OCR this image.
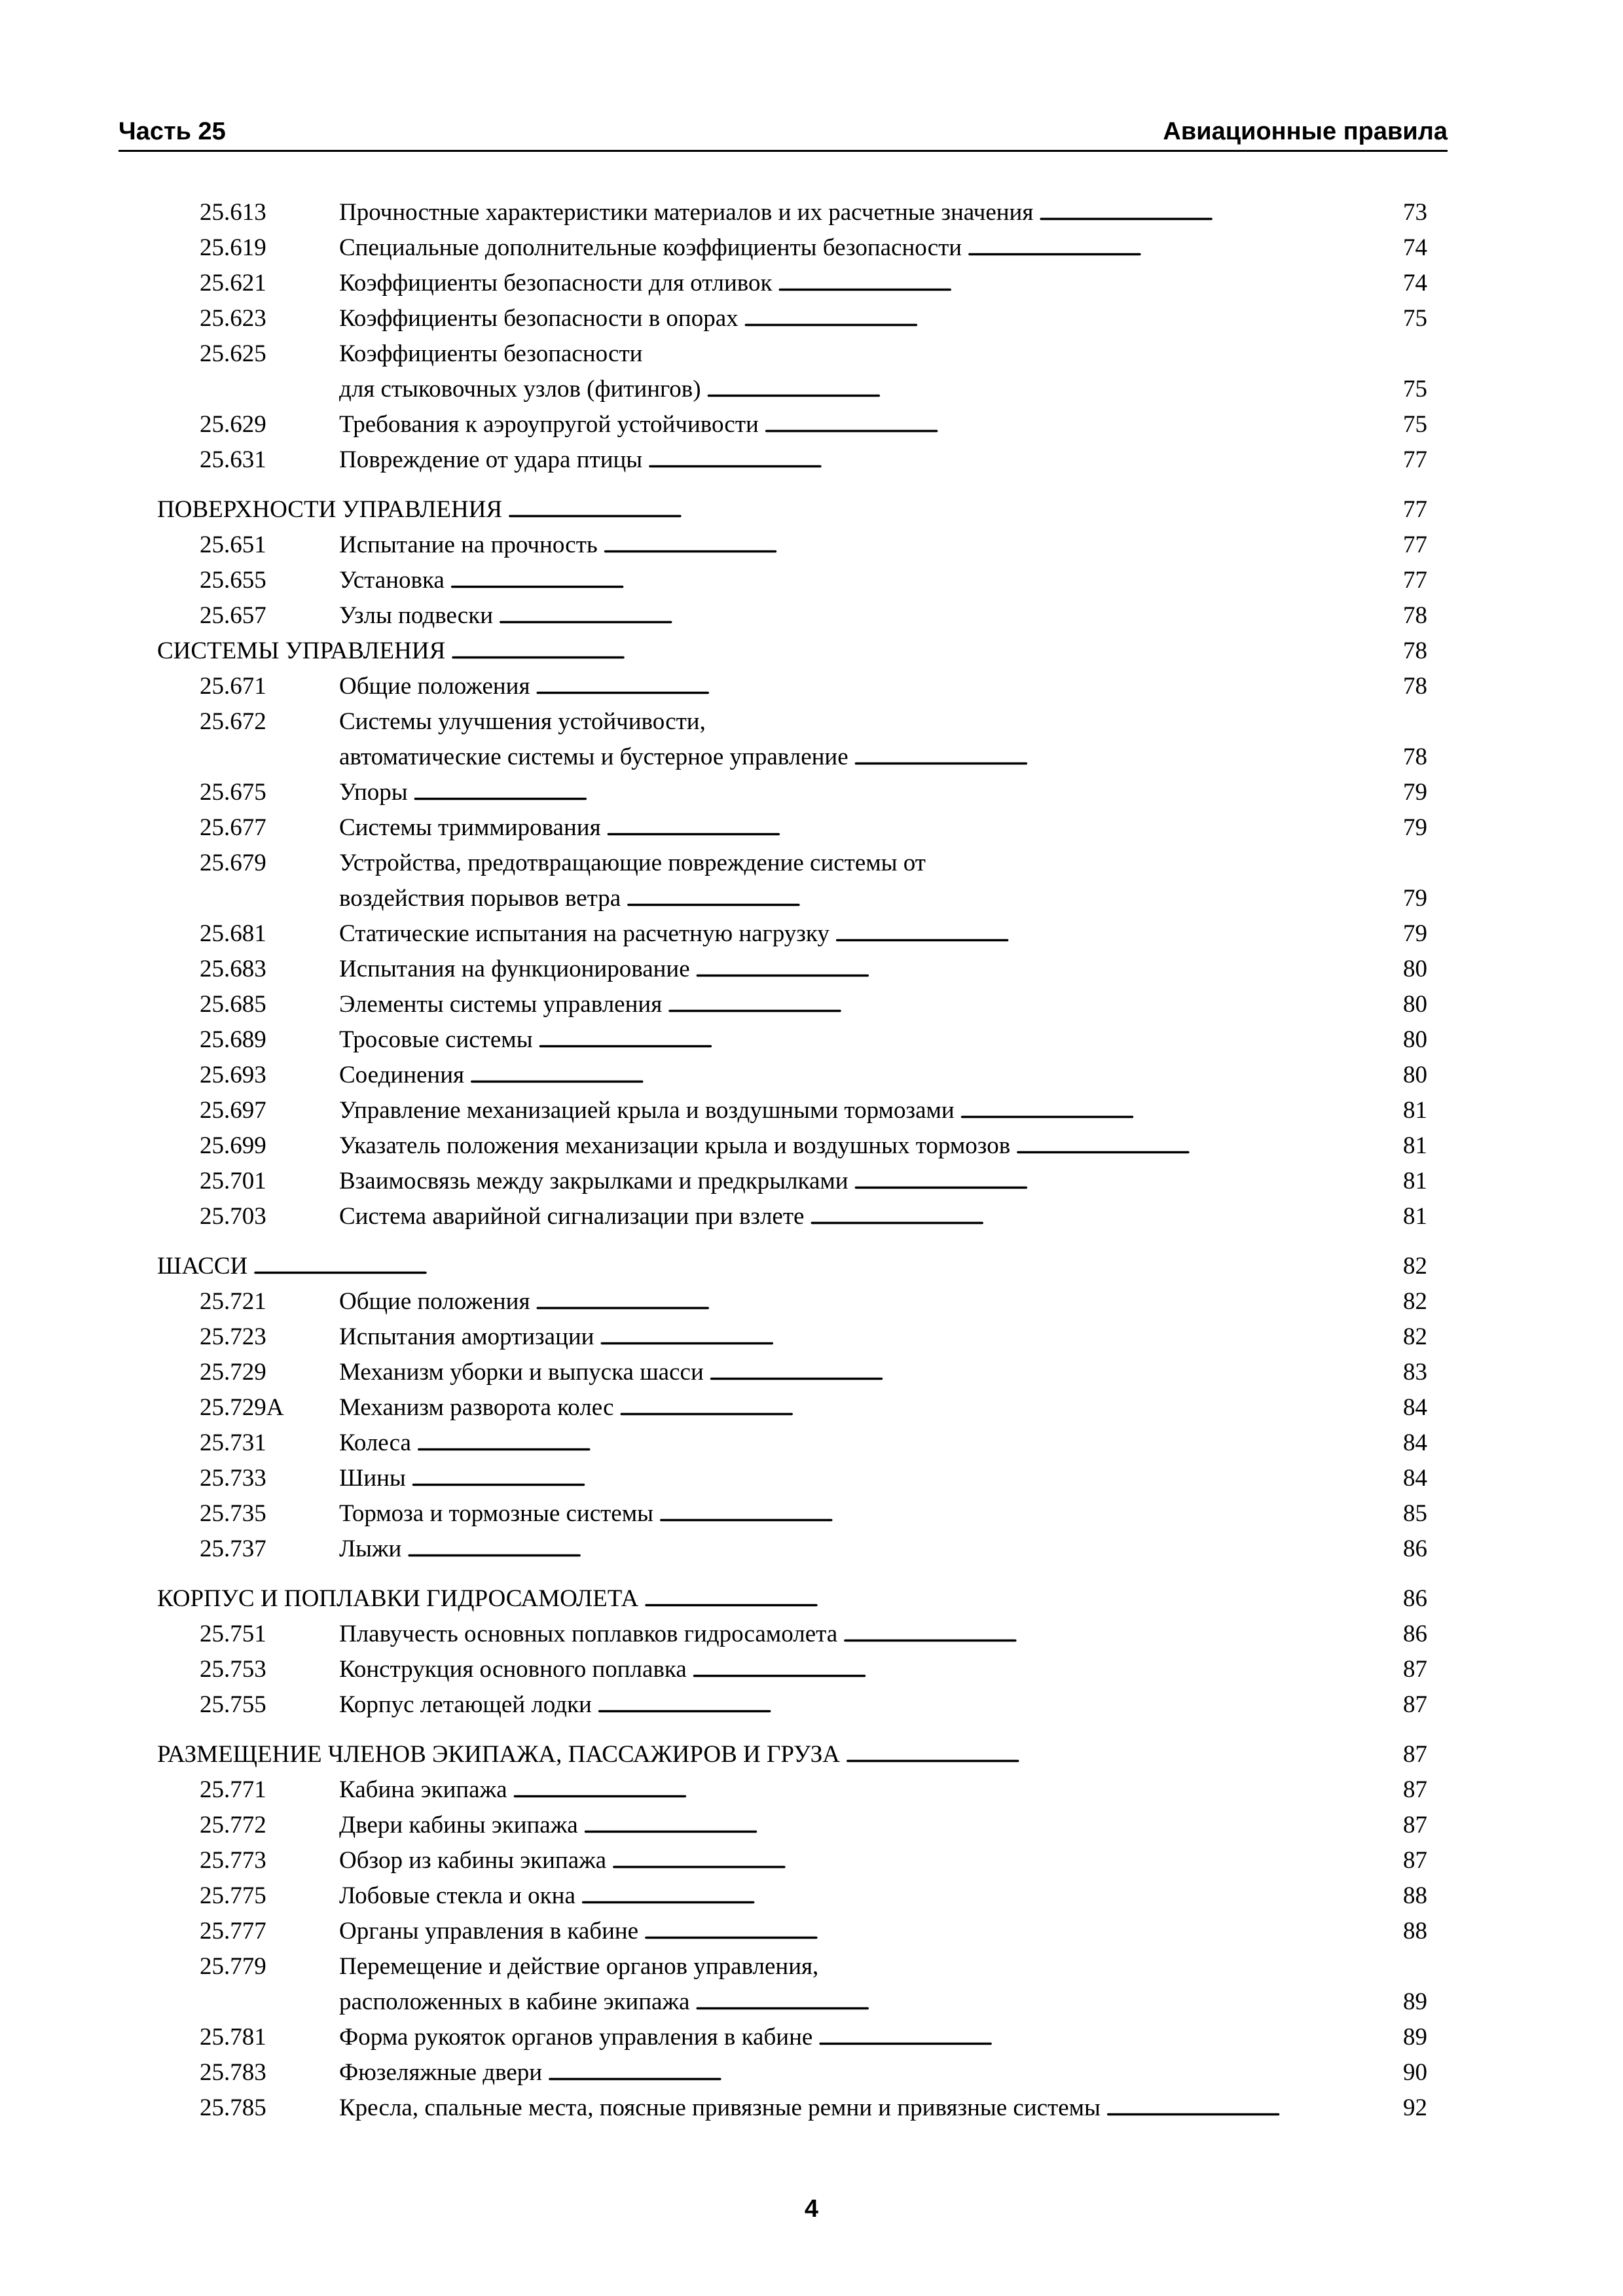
Часть 25	Авиационные правила
25.613	Прочностные характеристики материалов и их расчетные значения . . .	73
25.619	Специальные дополнительные коэффициенты безопасности . . .	74
25.621	Коэффициенты безопасности для отливок . . .	74
25.623	Коэффициенты безопасности в опорах . . .	75
25.625	Коэффициенты безопасности
для стыковочных узлов (фитингов) . . .	75
25.629	Требования к аэроупругой устойчивости . . .	75
25.631	Повреждение от удара птицы . . .	77
ПОВЕРХНОСТИ УПРАВЛЕНИЯ . . .	77
25.651	Испытание на прочность . . .	77
25.655	Установка . . .	77
25.657	Узлы подвески . . .	78
СИСТЕМЫ УПРАВЛЕНИЯ . . .	78
25.671	Общие положения . . .	78
25.672	Системы улучшения устойчивости,
автоматические системы и бустерное управление . . .	78
25.675	Упоры . . .	79
25.677	Системы триммирования . . .	79
25.679	Устройства, предотвращающие повреждение системы от
воздействия порывов ветра . . .	79
25.681	Статические испытания на расчетную нагрузку . . .	79
25.683	Испытания на функционирование . . .	80
25.685	Элементы системы управления . . .	80
25.689	Тросовые системы . . .	80
25.693	Соединения . . .	80
25.697	Управление механизацией крыла и воздушными тормозами . . .	81
25.699	Указатель положения механизации крыла и воздушных тормозов . . .	81
25.701	Взаимосвязь между закрылками и предкрылками . . .	81
25.703	Система аварийной сигнализации при взлете . . .	81
ШАССИ . . .	82
25.721	Общие положения . . .	82
25.723	Испытания амортизации . . .	82
25.729	Механизм уборки и выпуска шасси . . .	83
25.729A Механизм разворота колес . . .	84
25.731	Колеса . . .	84
25.733	Шины . . .	84
25.735	Тормоза и тормозные системы . . .	85
25.737	Лыжи . . .	86
КОРПУС И ПОПЛАВКИ ГИДРОСАМОЛЕТА . . .	86
25.751	Плавучесть основных поплавков гидросамолета . . .	86
25.753	Конструкция основного поплавка . . .	87
25.755	Корпус летающей лодки . . .	87
РАЗМЕЩЕНИЕ ЧЛЕНОВ ЭКИПАЖА, ПАССАЖИРОВ И ГРУЗА . . .	87
25.771	Кабина экипажа . . .	87
25.772	Двери кабины экипажа . . .	87
25.773	Обзор из кабины экипажа . . .	87
25.775	Лобовые стекла и окна . . .	88
25.777	Органы управления в кабине . . .	88
25.779	Перемещение и действие органов управления,
расположенных в кабине экипажа . . .	89
25.781	Форма рукояток органов управления в кабине . . .	89
25.783	Фюзеляжные двери . . .	90
25.785	Кресла, спальные места, поясные привязные ремни и привязные системы . . .	92
4
